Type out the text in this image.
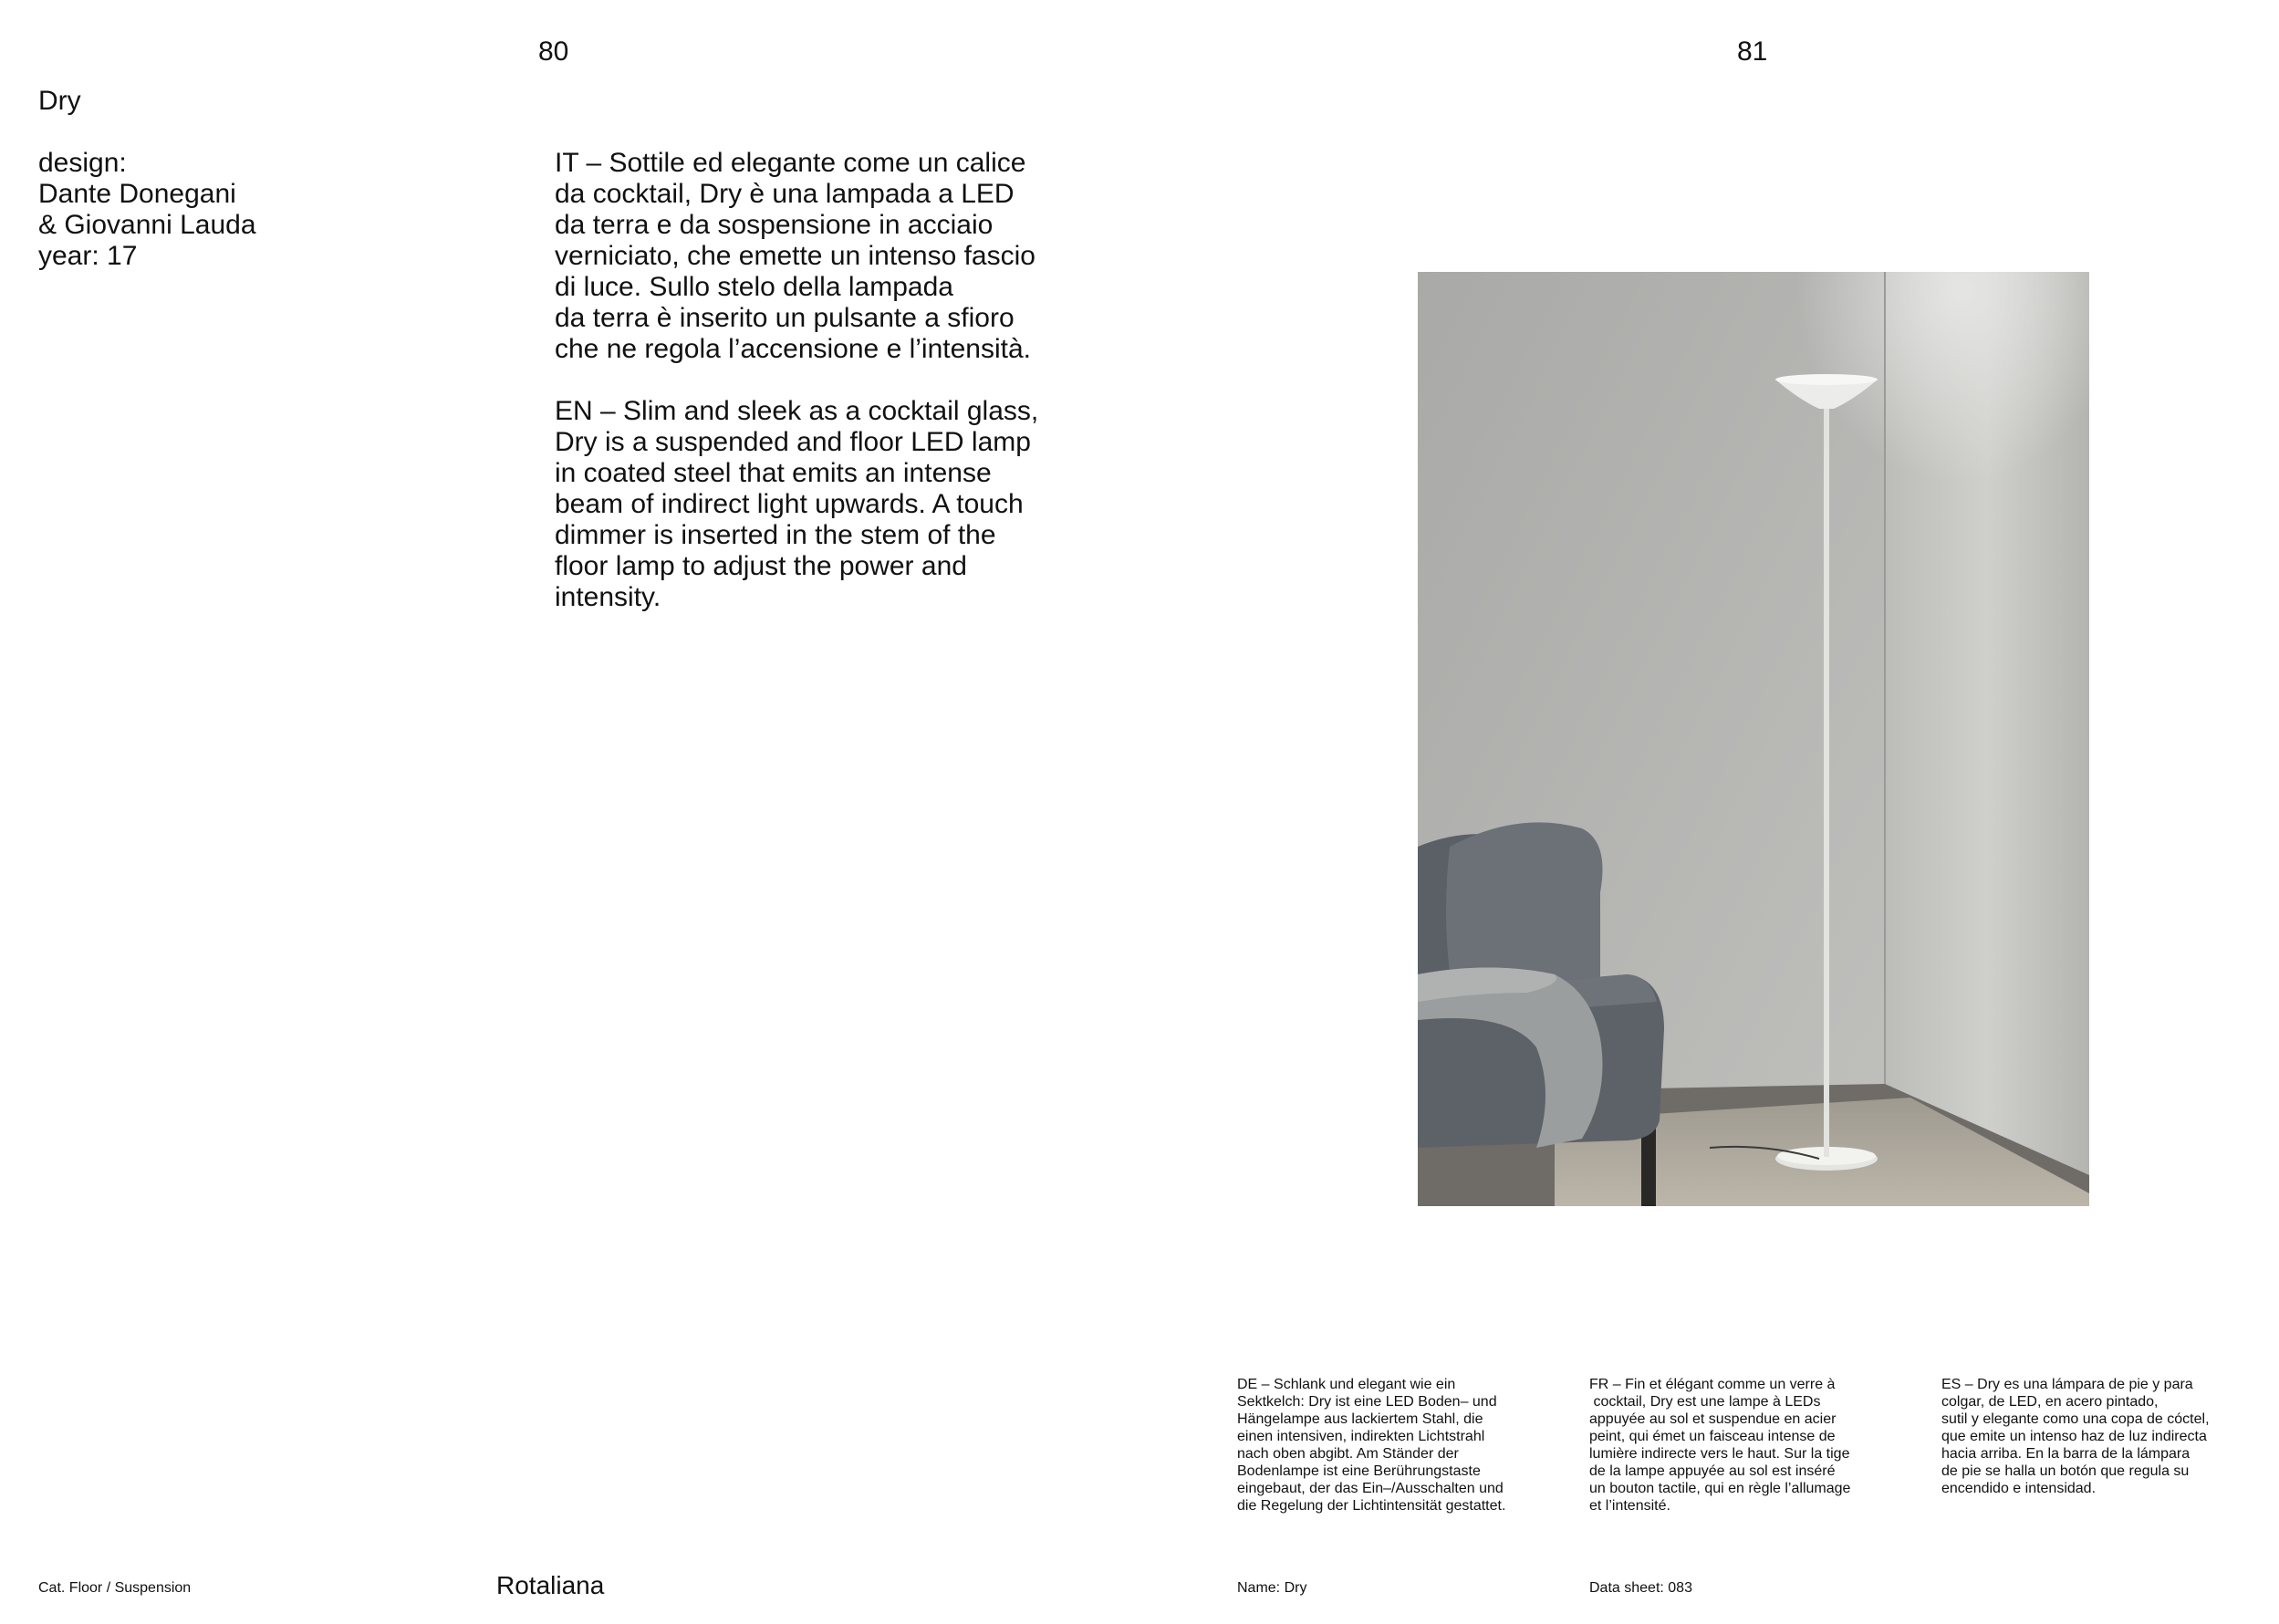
80
Dry
design:
Dante Donegani
& Giovanni Lauda
year: 17

IT – Sottile ed elegante come un calice
da cocktail, Dry è una lampada a LED
da terra e da sospensione in acciaio
verniciato, che emette un intenso fascio
di luce. Sullo stelo della lampada
da terra è inserito un pulsante a sfioro
che ne regola l’accensione e l’intensità.

EN – Slim and sleek as a cocktail glass,
Dry is a suspended and floor LED lamp
in coated steel that emits an intense
beam of indirect light upwards. A touch
dimmer is inserted in the stem of the
floor lamp to adjust the power and
intensity.

Cat. Floor / Suspension	Rotaliana
81
DE – Schlank und elegant wie ein
Sektkelch: Dry ist eine LED Boden– und
Hängelampe aus lackiertem Stahl, die
einen intensiven, indirekten Lichtstrahl
nach oben abgibt. Am Ständer der
Bodenlampe ist eine Berührungstaste
eingebaut, der das Ein–/Ausschalten und
die Regelung der Lichtintensität gestattet.
FR – Fin et élégant comme un verre à
cocktail, Dry est une lampe à LEDs
appuyée au sol et suspendue en acier
peint, qui émet un faisceau intense de
lumière indirecte vers le haut. Sur la tige
de la lampe appuyée au sol est inséré
un bouton tactile, qui en règle l’allumage
et l’intensité.
ES – Dry es una lámpara de pie y para
colgar, de LED, en acero pintado,
sutil y elegante como una copa de cóctel,
que emite un intenso haz de luz indirecta
hacia arriba. En la barra de la lámpara
de pie se halla un botón que regula su
encendido e intensidad.
Name: Dry	Data sheet: 083
